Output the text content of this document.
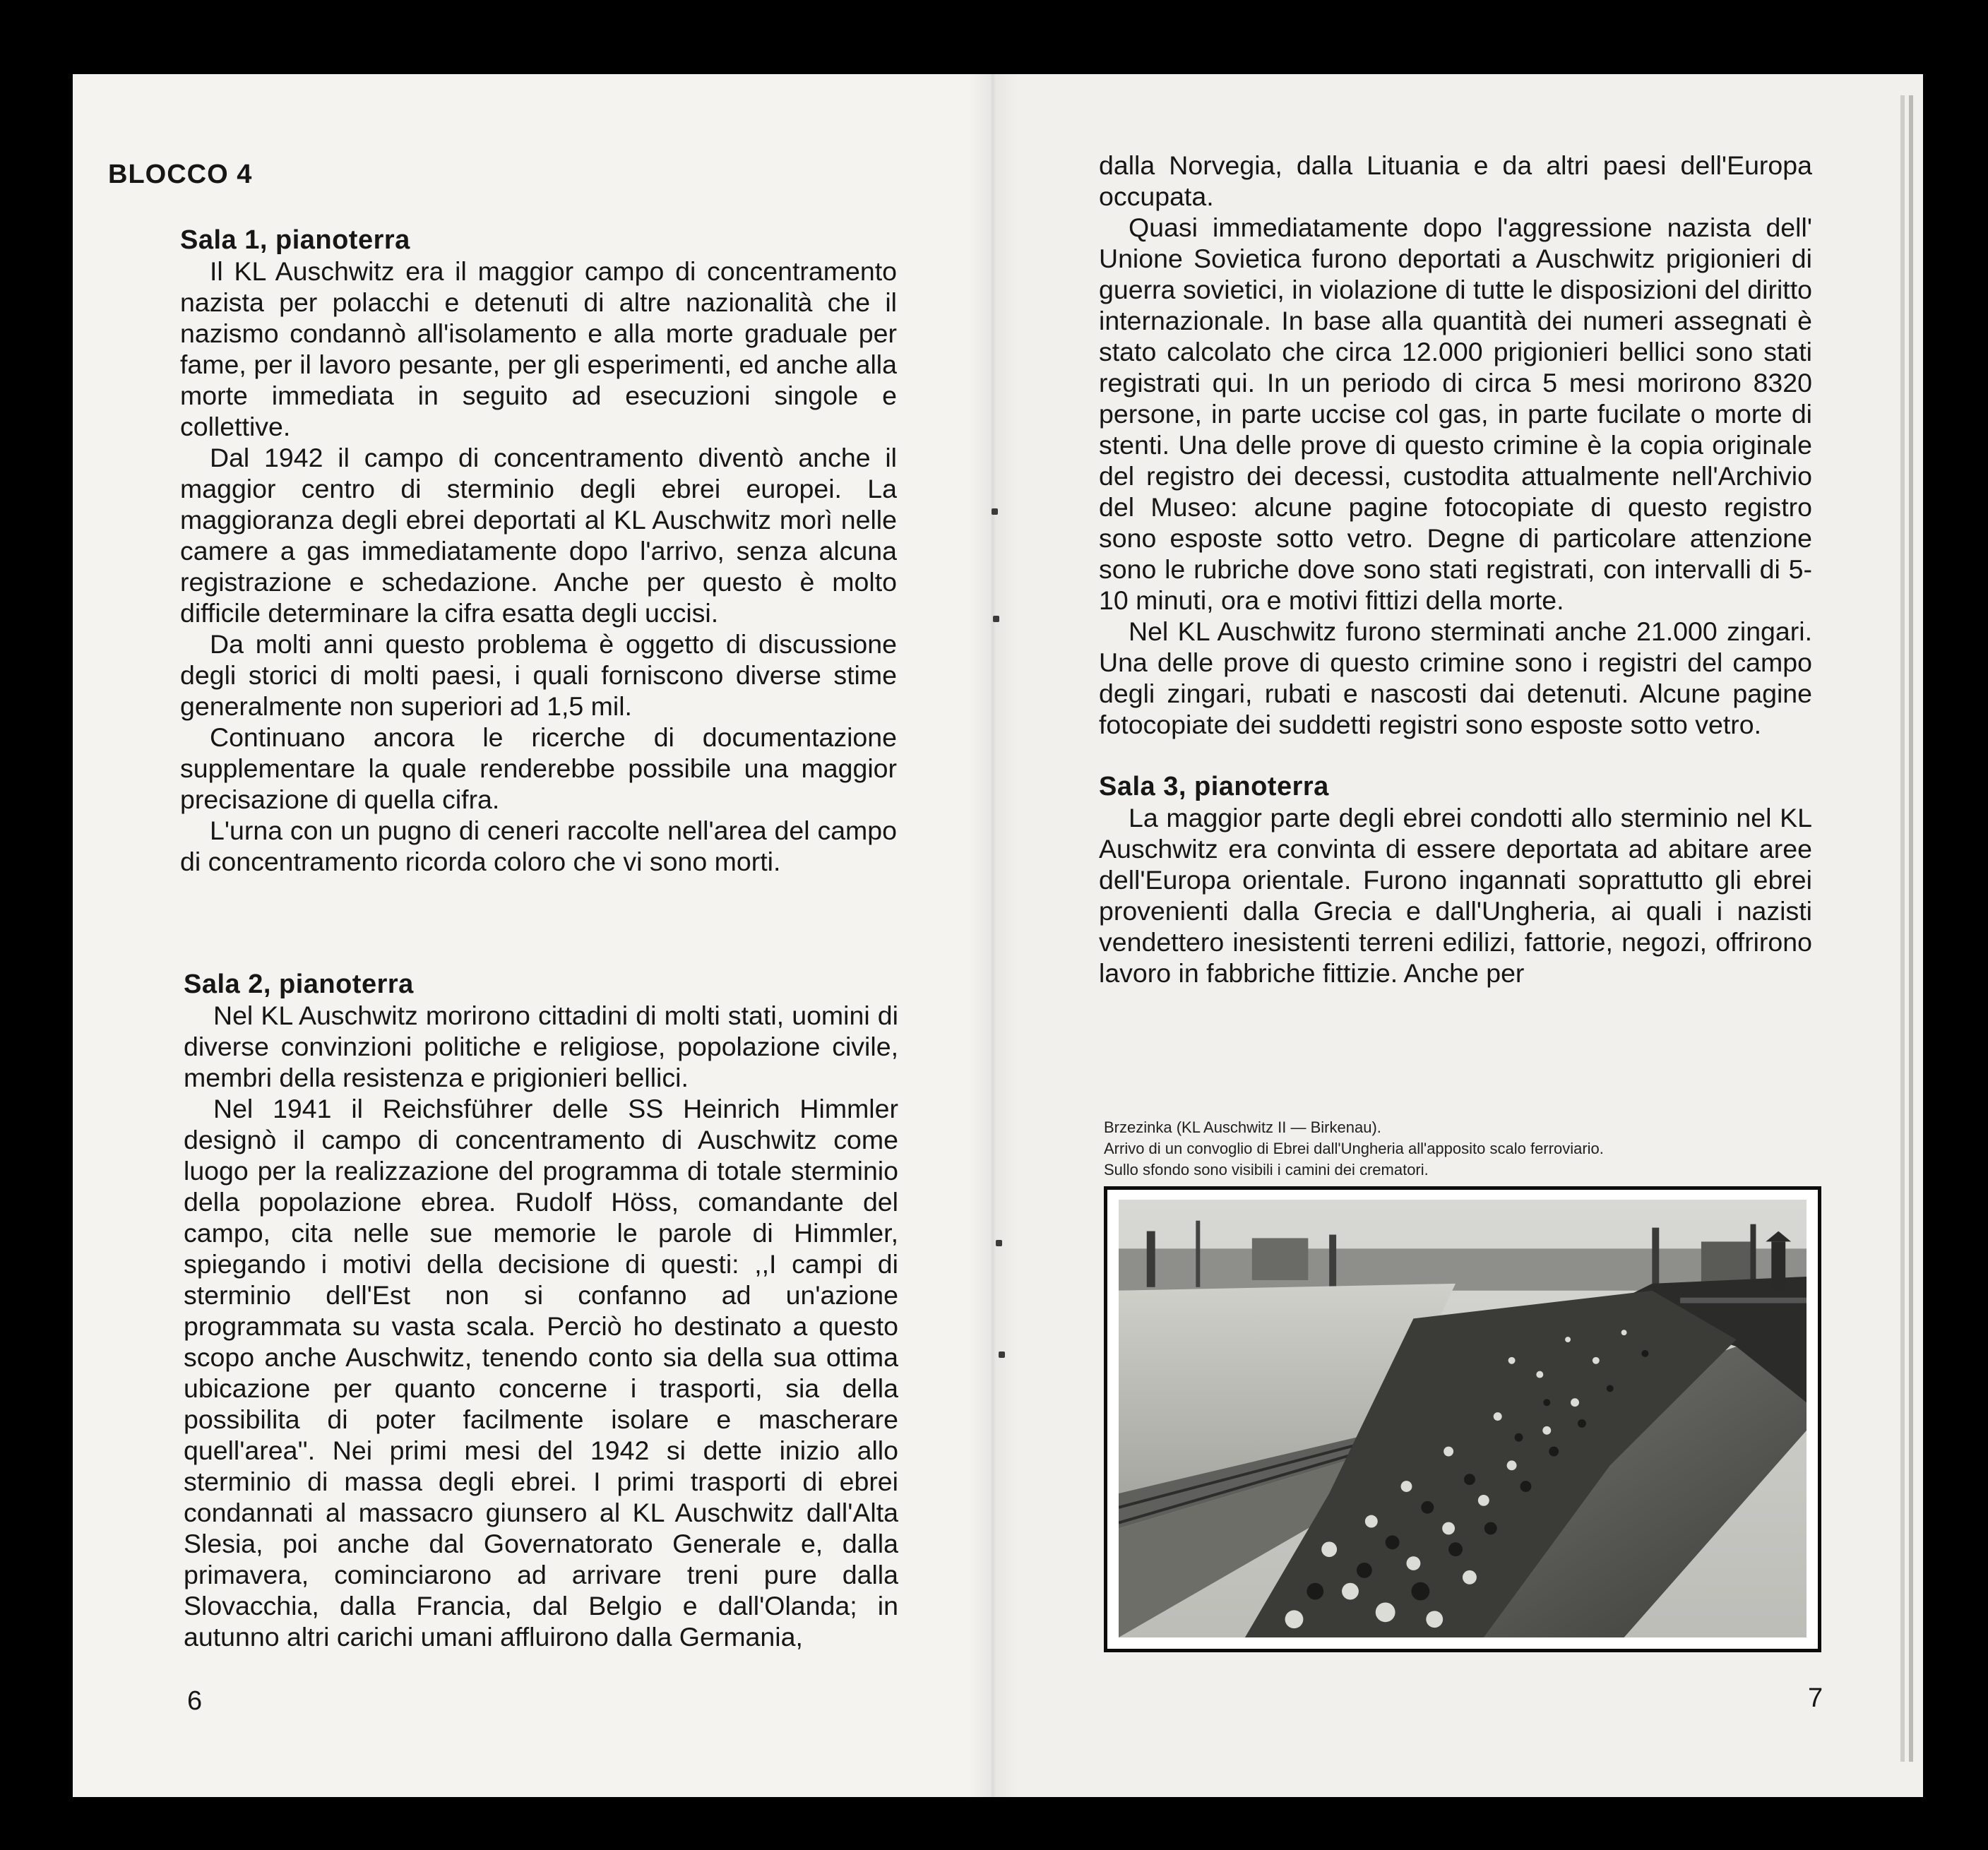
BLOCCO 4
Sala 1, pianoterra

Il KL Auschwitz era il maggior campo di concentramento nazista per polacchi e detenuti di altre nazionalità che il nazismo condannò all'isolamento e alla morte graduale per fame, per il lavoro pesante, per gli esperimenti, ed anche alla morte immediata in seguito ad esecuzioni singole e collettive.

Dal 1942 il campo di concentramento diventò anche il maggior centro di sterminio degli ebrei europei. La maggioranza degli ebrei deportati al KL Auschwitz morì nelle camere a gas immediatamente dopo l'arrivo, senza alcuna registrazione e schedazione. Anche per questo è molto difficile determinare la cifra esatta degli uccisi.

Da molti anni questo problema è oggetto di discussione degli storici di molti paesi, i quali forniscono diverse stime generalmente non superiori ad 1,5 mil.

Continuano ancora le ricerche di documentazione supplementare la quale renderebbe possibile una maggior precisazione di quella cifra.

L'urna con un pugno di ceneri raccolte nell'area del campo di concentramento ricorda coloro che vi sono morti.

Sala 2, pianoterra

Nel KL Auschwitz morirono cittadini di molti stati, uomini di diverse convinzioni politiche e religiose, popolazione civile, membri della resistenza e prigionieri bellici.

Nel 1941 il Reichsführer delle SS Heinrich Himmler designò il campo di concentramento di Auschwitz come luogo per la realizzazione del programma di totale sterminio della popolazione ebrea. Rudolf Höss, comandante del campo, cita nelle sue memorie le parole di Himmler, spiegando i motivi della decisione di questi: ,,I campi di sterminio dell'Est non si confanno ad un'azione programmata su vasta scala. Perciò ho destinato a questo scopo anche Auschwitz, tenendo conto sia della sua ottima ubicazione per quanto concerne i trasporti, sia della possibilita di poter facilmente isolare e mascherare quell'area''. Nei primi mesi del 1942 si dette inizio allo sterminio di massa degli ebrei. I primi trasporti di ebrei condannati al massacro giunsero al KL Auschwitz dall'Alta Slesia, poi anche dal Governatorato Generale e, dalla primavera, cominciarono ad arrivare treni pure dalla Slovacchia, dalla Francia, dal Belgio e dall'Olanda; in autunno altri carichi umani affluirono dalla Germania,

6

dalla Norvegia, dalla Lituania e da altri paesi dell'Europa occupata.

Quasi immediatamente dopo l'aggressione nazista dell' Unione Sovietica furono deportati a Auschwitz prigionieri di guerra sovietici, in violazione di tutte le disposizioni del diritto internazionale. In base alla quantità dei numeri assegnati è stato calcolato che circa 12.000 prigionieri bellici sono stati registrati qui. In un periodo di circa 5 mesi morirono 8320 persone, in parte uccise col gas, in parte fucilate o morte di stenti. Una delle prove di questo crimine è la copia originale del registro dei decessi, custodita attualmente nell'Archivio del Museo: alcune pagine fotocopiate di questo registro sono esposte sotto vetro. Degne di particolare attenzione sono le rubriche dove sono stati registrati, con intervalli di 5-10 minuti, ora e motivi fittizi della morte.

Nel KL Auschwitz furono sterminati anche 21.000 zingari. Una delle prove di questo crimine sono i registri del campo degli zingari, rubati e nascosti dai detenuti. Alcune pagine fotocopiate dei suddetti registri sono esposte sotto vetro.

Sala 3, pianoterra

La maggior parte degli ebrei condotti allo sterminio nel KL Auschwitz era convinta di essere deportata ad abitare aree dell'Europa orientale. Furono ingannati soprattutto gli ebrei provenienti dalla Grecia e dall'Ungheria, ai quali i nazisti vendettero inesistenti terreni edilizi, fattorie, negozi, offrirono lavoro in fabbriche fittizie. Anche per

Brzezinka (KL Auschwitz II — Birkenau).
Arrivo di un convoglio di Ebrei dall'Ungheria all'apposito scalo ferroviario.
Sullo sfondo sono visibili i camini dei crematori.

7
